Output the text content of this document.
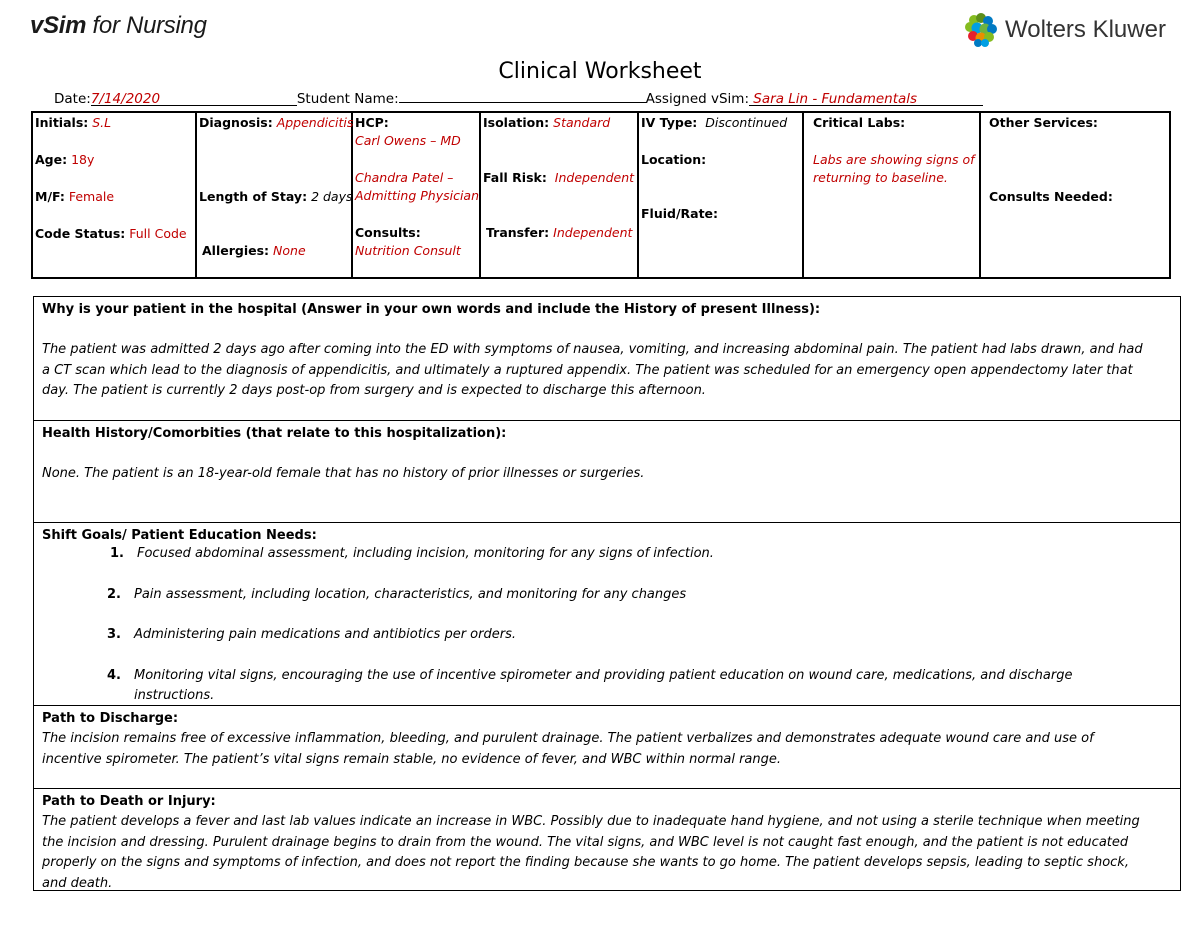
vSim for Nursing	Wolters Kluwer
Clinical Worksheet
Date: 7/14/2020	Student Name:	Assigned vSim: Sara Lin - Fundamentals
Initials: S.L
Age: 18y
M/F: Female
Code Status: Full Code

Diagnosis: Appendicitis
Length of Stay: 2 days
Allergies: None

HCP:
Carl Owens – MD
Chandra Patel –
Admitting Physician
Consults:
Nutrition Consult

Isolation: Standard
Fall Risk: Independent
Transfer: Independent

IV Type: Discontinued
Location:
Fluid/Rate:

Critical Labs:
Labs are showing signs of
returning to baseline.

Other Services:
Consults Needed:
Why is your patient in the hospital (Answer in your own words and include the History of present Illness):
The patient was admitted 2 days ago after coming into the ED with symptoms of nausea, vomiting, and increasing abdominal pain. The patient had labs drawn, and had
a CT scan which lead to the diagnosis of appendicitis, and ultimately a ruptured appendix. The patient was scheduled for an emergency open appendectomy later that
day. The patient is currently 2 days post-op from surgery and is expected to discharge this afternoon.
Health History/Comorbities (that relate to this hospitalization):
None. The patient is an 18-year-old female that has no history of prior illnesses or surgeries.
Shift Goals/ Patient Education Needs:
1. Focused abdominal assessment, including incision, monitoring for any signs of infection.
2. Pain assessment, including location, characteristics, and monitoring for any changes
3. Administering pain medications and antibiotics per orders.
4. Monitoring vital signs, encouraging the use of incentive spirometer and providing patient education on wound care, medications, and discharge
instructions.
Path to Discharge:
The incision remains free of excessive inflammation, bleeding, and purulent drainage. The patient verbalizes and demonstrates adequate wound care and use of
incentive spirometer. The patient’s vital signs remain stable, no evidence of fever, and WBC within normal range.
Path to Death or Injury:
The patient develops a fever and last lab values indicate an increase in WBC. Possibly due to inadequate hand hygiene, and not using a sterile technique when meeting
the incision and dressing. Purulent drainage begins to drain from the wound. The vital signs, and WBC level is not caught fast enough, and the patient is not educated
properly on the signs and symptoms of infection, and does not report the finding because she wants to go home. The patient develops sepsis, leading to septic shock,
and death.
